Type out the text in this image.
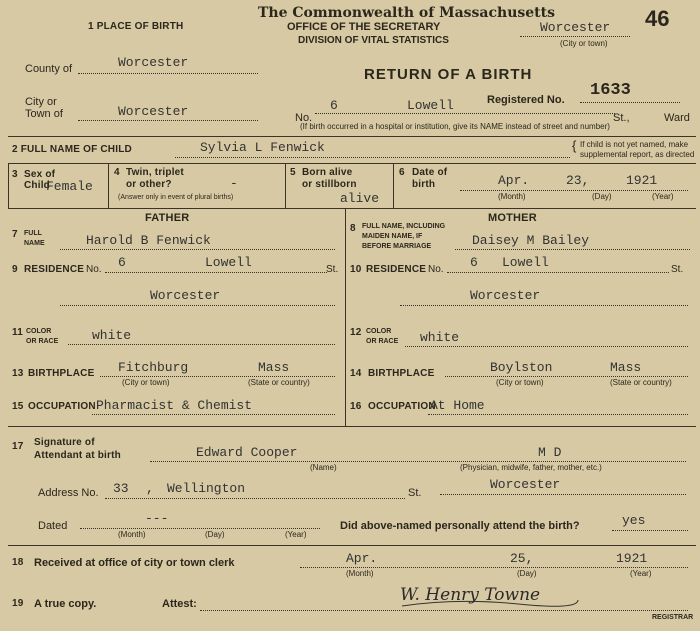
1 PLACE OF BIRTH
The Commonwealth of Massachusetts
OFFICE OF THE SECRETARY
DIVISION OF VITAL STATISTICS
Worcester
(City or town)
46
County of	Worcester
RETURN OF A BIRTH
City or
Town of	Worcester
Registered No. 1633
No.
6	Lowell
St.,	Ward
(If birth occurred in a hospital or institution, give its NAME instead of street and number)
2 FULL NAME OF CHILD	Sylvia L Fenwick	{ If child is not yet named, make
supplemental report, as directed
3 Sex of
Child
Female
4 Twin, triplet
or other?	-
(Answer only in event of plural births)
5 Born alive
or stillborn
alive
6 Date of
birth	Apr.	23,	1921
(Month)	(Day)	(Year)
FATHER	MOTHER
7 FULL
NAME	Harold B Fenwick
8 FULL NAME, INCLUDING
MAIDEN NAME, IF
BEFORE MARRIAGE	Daisey M Bailey
9 RESIDENCE No. 6	Lowell	St.
Worcester
10 RESIDENCE No. 6 Lowell	St.
Worcester
11 COLOR
OR RACE	white	12 COLOR
OR RACE white
13 BIRTHPLACE Fitchburg	Mass
(City or town)	(State or country)
14 BIRTHPLACE	Boylston	Mass
(City or town)	(State or country)
15 OCCUPATION Pharmacist & Chemist	16 OCCUPATION
At Home
17 Signature of
Attendant at birth	Edward Cooper	M D
(Name)	(Physician, midwife, father, mother, etc.)
Address No. 33 , Wellington	St.
Worcester
Dated	---
(Month)	(Day)	(Year)
Did above-named personally attend the birth?	yes
18 Received at office of city or town clerk	Apr.	25,	1921
(Month)	(Day)	(Year)
19 A true copy.	Attest:	W. Henry Towne
REGISTRAR
